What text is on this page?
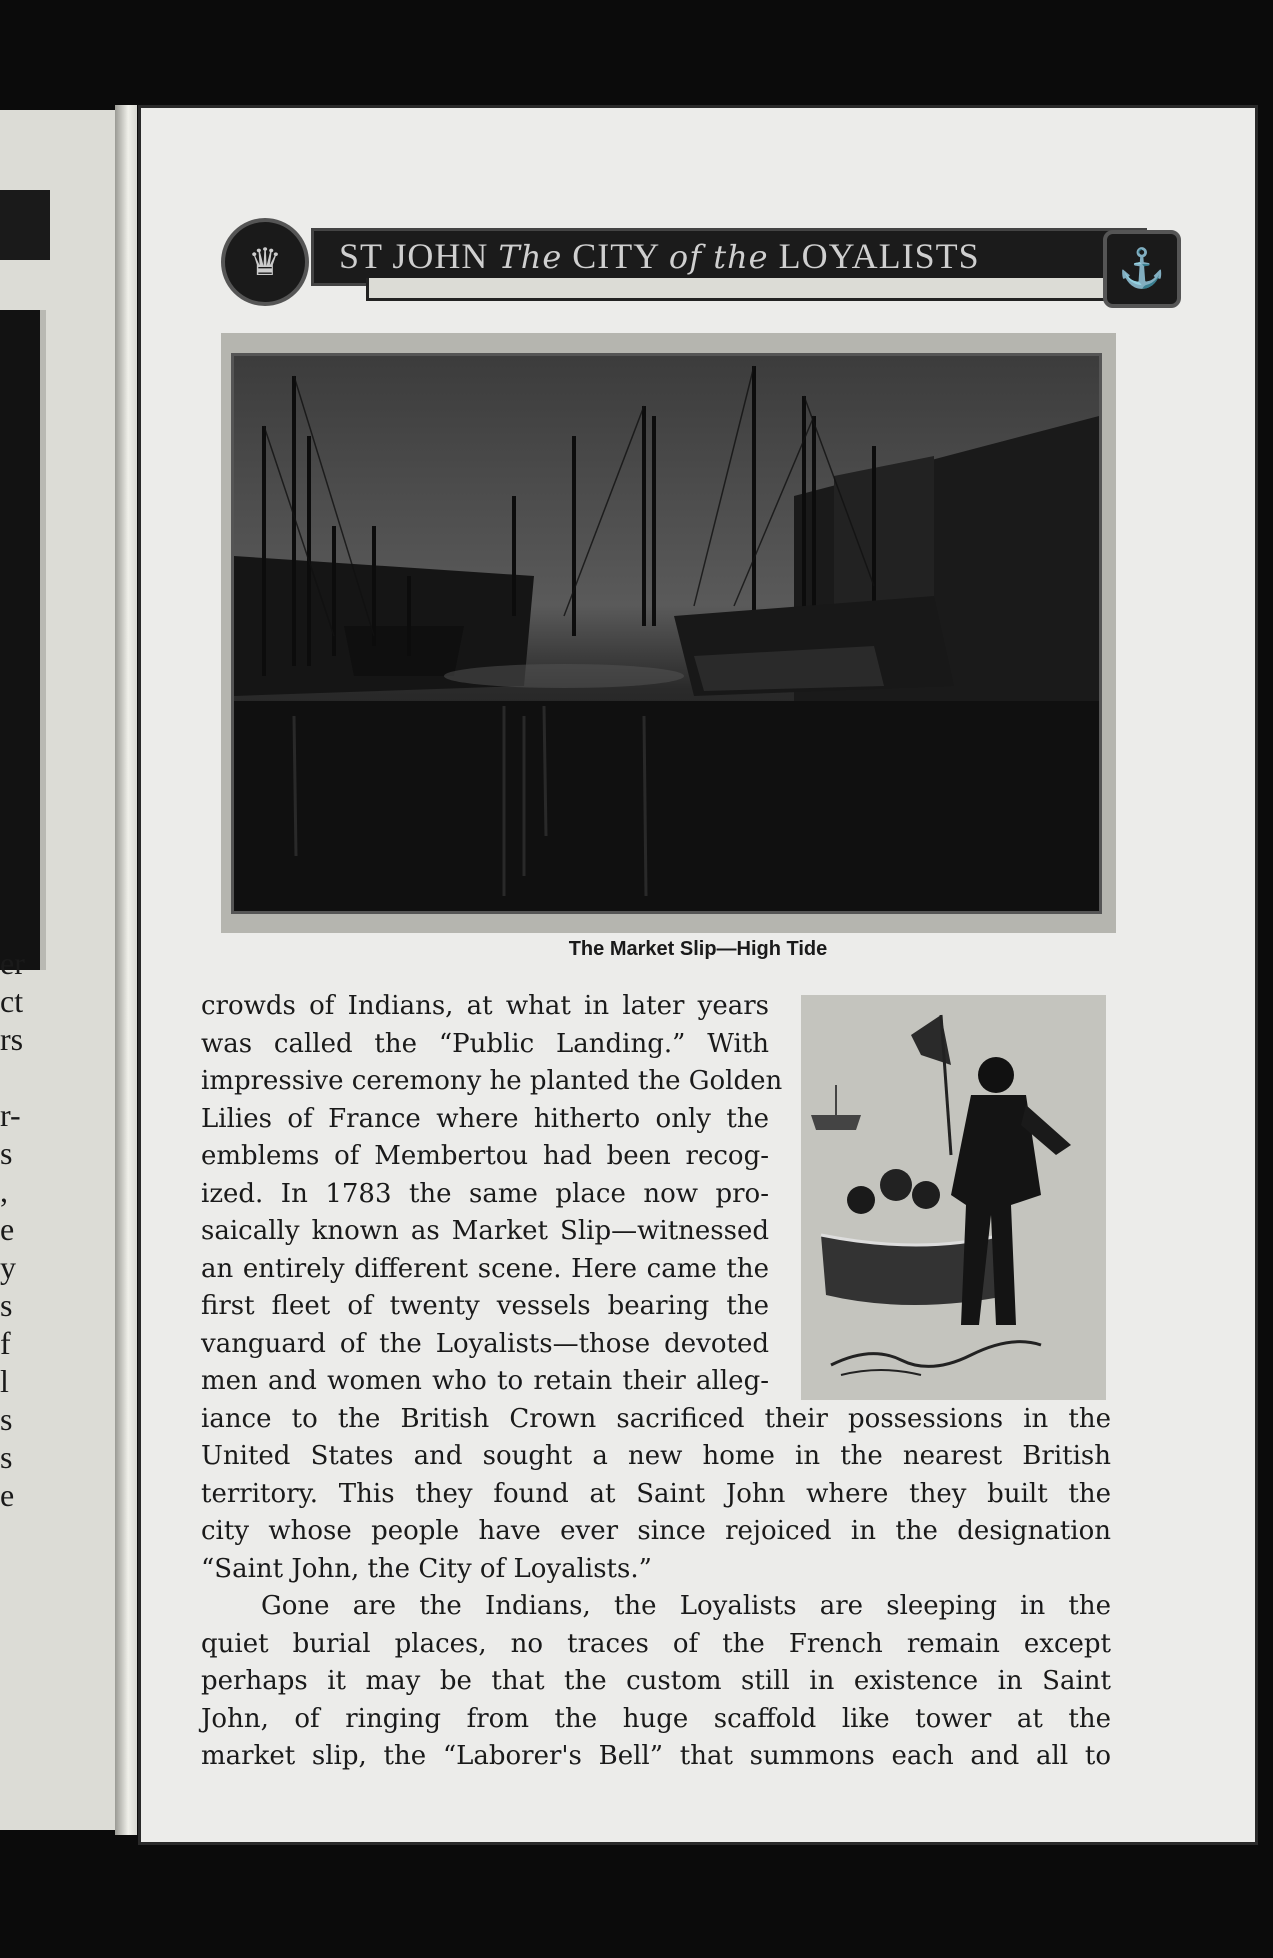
er
ct
rs
r-
s
,
e
y
s
f
l
s
s
e
♛	ST JOHN The CITY of the LOYALISTS	⚓
The Market Slip—High Tide
crowds of Indians, at what in later years
was called the “Public Landing.” With
impressive ceremony he planted the Golden
Lilies of France where hitherto only the
emblems of Membertou had been recog-
ized. In 1783 the same place now pro-
saically known as Market Slip—witnessed
an entirely different scene. Here came the
first fleet of twenty vessels bearing the
vanguard of the Loyalists—those devoted
men and women who to retain their alleg-
iance to the British Crown sacrificed their possessions in the
United States and sought a new home in the nearest British
territory. This they found at Saint John where they built the
city whose people have ever since rejoiced in the designation
“Saint John, the City of Loyalists.”
Gone are the Indians, the Loyalists are sleeping in the
quiet burial places, no traces of the French remain except
perhaps it may be that the custom still in existence in Saint
John, of ringing from the huge scaffold like tower at the
market slip, the “Laborer's Bell” that summons each and all to
